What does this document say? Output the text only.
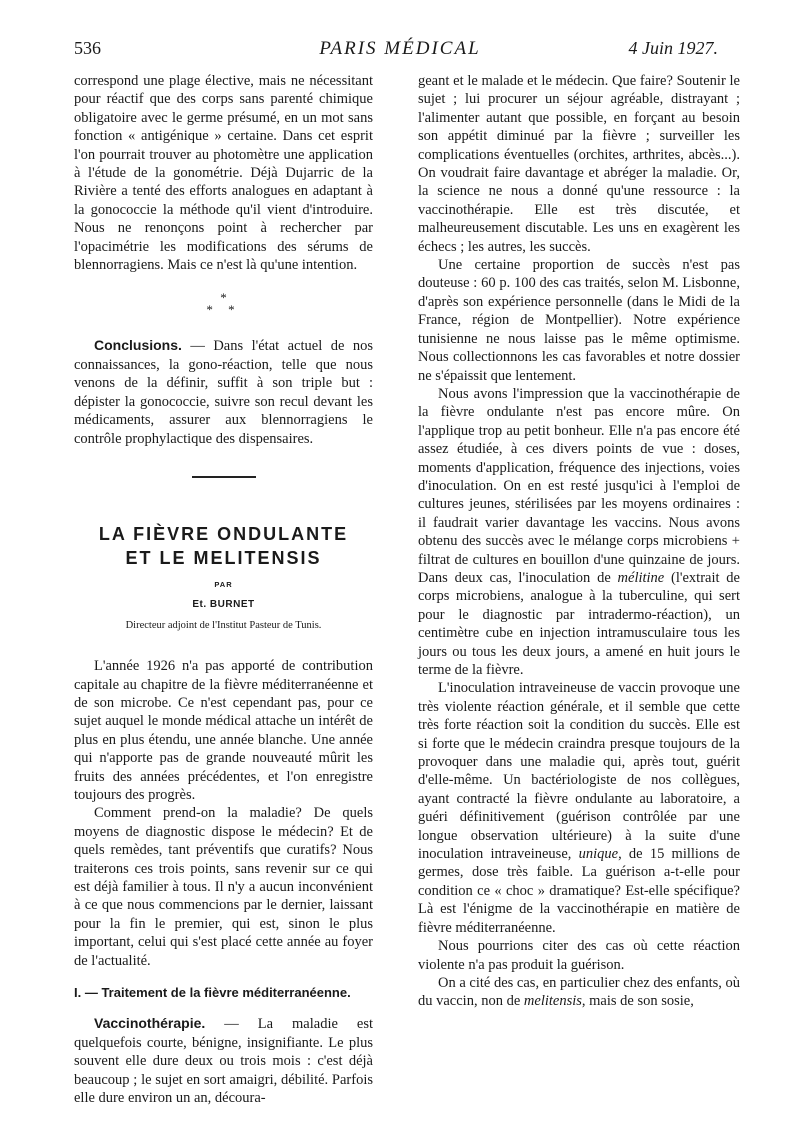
536	PARIS MÉDICAL	4 Juin 1927.

correspond une plage élective, mais ne nécessitant pour réactif que des corps sans parenté chimique obligatoire avec le germe présumé, en un mot sans fonction « antigénique » certaine. Dans cet esprit l'on pourrait trouver au photomètre une application à l'étude de la gonométrie. Déjà Dujarric de la Rivière a tenté des efforts analogues en adaptant à la gonococcie la méthode qu'il vient d'introduire. Nous ne renonçons point à rechercher par l'opacimétrie les modifications des sérums de blennorragiens. Mais ce n'est là qu'une intention.

*
* *

Conclusions. — Dans l'état actuel de nos connaissances, la gono-réaction, telle que nous venons de la définir, suffit à son triple but : dépister la gonococcie, suivre son recul devant les médicaments, assurer aux blennorragiens le contrôle prophylactique des dispensaires.

LA FIÈVRE ONDULANTE
ET LE MELITENSIS
PAR
Et. BURNET
Directeur adjoint de l'Institut Pasteur de Tunis.

L'année 1926 n'a pas apporté de contribution capitale au chapitre de la fièvre méditerranéenne et de son microbe. Ce n'est cependant pas, pour ce sujet auquel le monde médical attache un intérêt de plus en plus étendu, une année blanche. Une année qui n'apporte pas de grande nouveauté mûrit les fruits des années précédentes, et l'on enregistre toujours des progrès.

Comment prend-on la maladie? De quels moyens de diagnostic dispose le médecin? Et de quels remèdes, tant préventifs que curatifs? Nous traiterons ces trois points, sans revenir sur ce qui est déjà familier à tous. Il n'y a aucun inconvénient à ce que nous commencions par le dernier, laissant pour la fin le premier, qui est, sinon le plus important, celui qui s'est placé cette année au foyer de l'actualité.

I. — Traitement de la fièvre méditerranéenne.

Vaccinothérapie. — La maladie est quelquefois courte, bénigne, insignifiante. Le plus souvent elle dure deux ou trois mois : c'est déjà beaucoup ; le sujet en sort amaigri, débilité. Parfois elle dure environ un an, découra-

geant et le malade et le médecin. Que faire? Soutenir le sujet ; lui procurer un séjour agréable, distrayant ; l'alimenter autant que possible, en forçant au besoin son appétit diminué par la fièvre ; surveiller les complications éventuelles (orchites, arthrites, abcès...). On voudrait faire davantage et abréger la maladie. Or, la science ne nous a donné qu'une ressource : la vaccinothérapie. Elle est très discutée, et malheureusement discutable. Les uns en exagèrent les échecs ; les autres, les succès.

Une certaine proportion de succès n'est pas douteuse : 60 p. 100 des cas traités, selon M. Lisbonne, d'après son expérience personnelle (dans le Midi de la France, région de Montpellier). Notre expérience tunisienne ne nous laisse pas le même optimisme. Nous collectionnons les cas favorables et notre dossier ne s'épaissit que lentement.

Nous avons l'impression que la vaccinothérapie de la fièvre ondulante n'est pas encore mûre. On l'applique trop au petit bonheur. Elle n'a pas encore été assez étudiée, à ces divers points de vue : doses, moments d'application, fréquence des injections, voies d'inoculation. On en est resté jusqu'ici à l'emploi de cultures jeunes, stérilisées par les moyens ordinaires : il faudrait varier davantage les vaccins. Nous avons obtenu des succès avec le mélange corps microbiens + filtrat de cultures en bouillon d'une quinzaine de jours. Dans deux cas, l'inoculation de mélitine (l'extrait de corps microbiens, analogue à la tuberculine, qui sert pour le diagnostic par intradermo-réaction), un centimètre cube en injection intramusculaire tous les jours ou tous les deux jours, a amené en huit jours le terme de la fièvre.

L'inoculation intraveineuse de vaccin provoque une très violente réaction générale, et il semble que cette très forte réaction soit la condition du succès. Elle est si forte que le médecin craindra presque toujours de la provoquer dans une maladie qui, après tout, guérit d'elle-même. Un bactériologiste de nos collègues, ayant contracté la fièvre ondulante au laboratoire, a guéri définitivement (guérison contrôlée par une longue observation ultérieure) à la suite d'une inoculation intraveineuse, unique, de 15 millions de germes, dose très faible. La guérison a-t-elle pour condition ce « choc » dramatique? Est-elle spécifique? Là est l'énigme de la vaccinothérapie en matière de fièvre méditerranéenne.

Nous pourrions citer des cas où cette réaction violente n'a pas produit la guérison.

On a cité des cas, en particulier chez des enfants, où du vaccin, non de melitensis, mais de son sosie,
